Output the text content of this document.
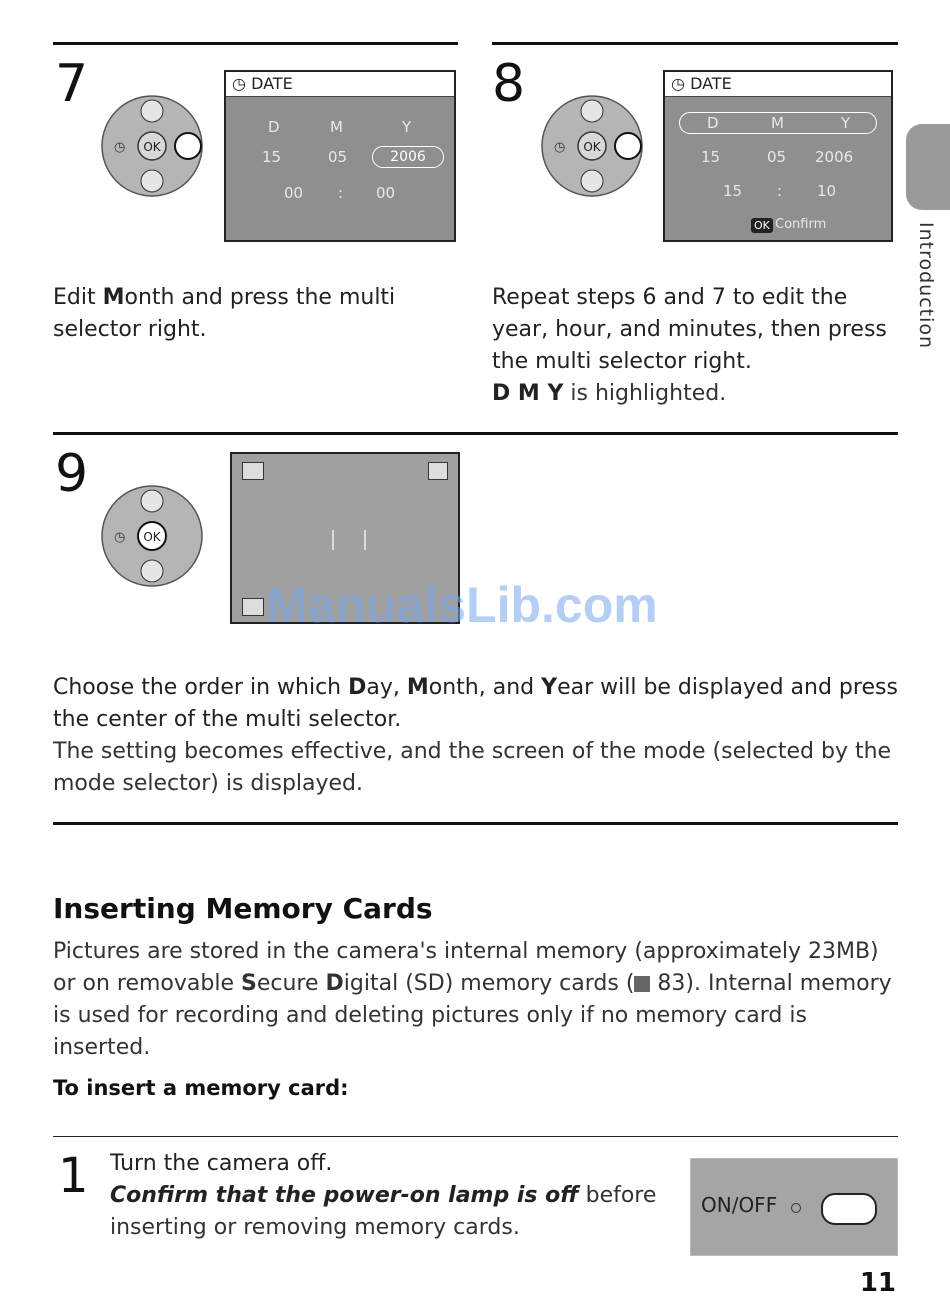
Introduction
7
OK
◷
◷ DATE
D	M	Y
15	05	2006
00 : 00
Edit Month and press the multi selector right.
8
OK
◷
◷ DATE
D	M	Y
15	05 2006
15 : 10
OK Confirm
Repeat steps 6 and 7 to edit the year, hour, and minutes, then press the multi selector right.
D M Y is highlighted.
9
OK
◷
Choose the order in which Day, Month, and Year will be displayed and press the center of the multi selector.
The setting becomes effective, and the screen of the mode (selected by the mode selector) is displayed.
ManualsLib.com
Inserting Memory Cards
Pictures are stored in the camera's internal memory (approximately 23MB) or on removable Secure Digital (SD) memory cards ( 83). Internal memory is used for recording and deleting pictures only if no memory card is inserted.
To insert a memory card:
1 Turn the camera off.
Confirm that the power-on lamp is off before inserting or removing memory cards.
ON/OFF
11
